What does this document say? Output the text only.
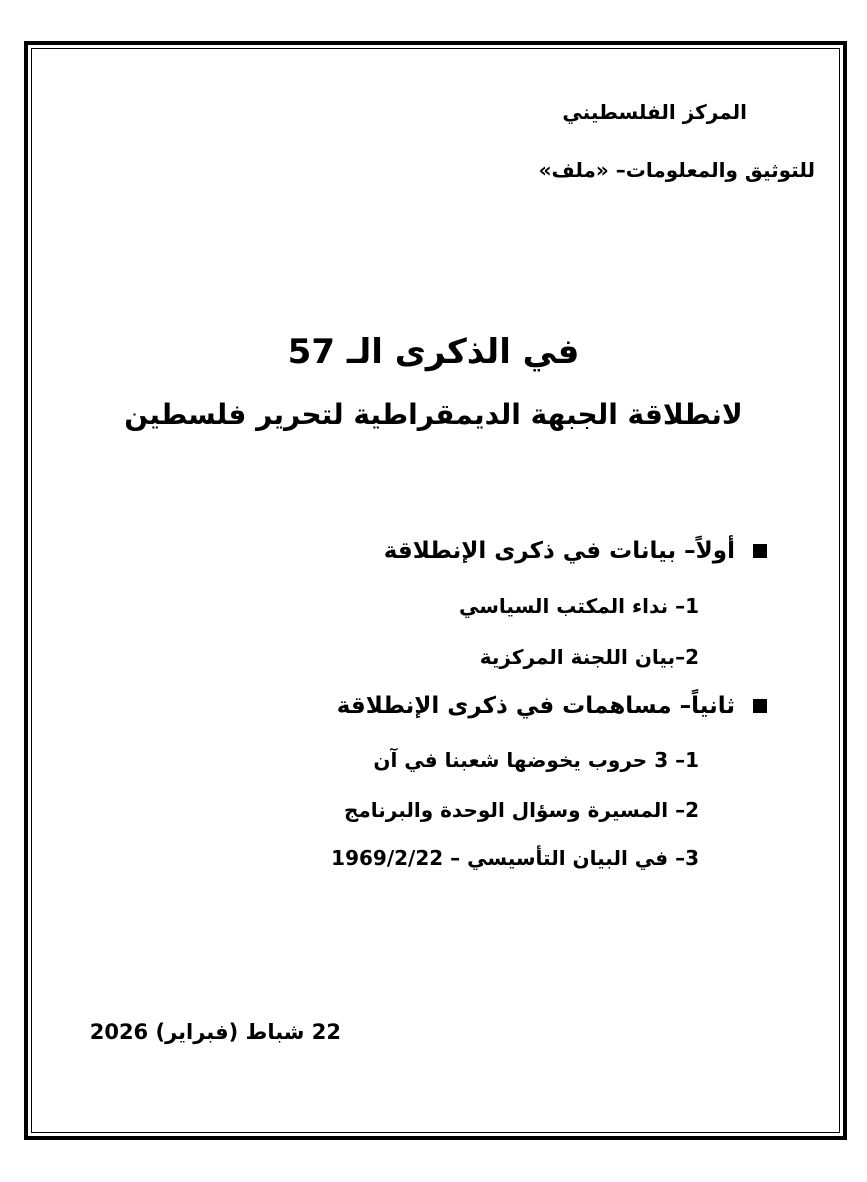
المركز الفلسطيني
للتوثيق والمعلومات– «ملف»
في الذكرى الـ 57
لانطلاقة الجبهة الديمقراطية لتحرير فلسطين
أولاً– بيانات في ذكرى الإنطلاقة
1– نداء المكتب السياسي
2–بيان اللجنة المركزية
ثانياً– مساهمات في ذكرى الإنطلاقة
1– 3 حروب يخوضها شعبنا في آن
2– المسيرة وسؤال الوحدة والبرنامج
3– في البيان التأسيسي – 1969/2/22
22 شباط (فبراير) 2026
